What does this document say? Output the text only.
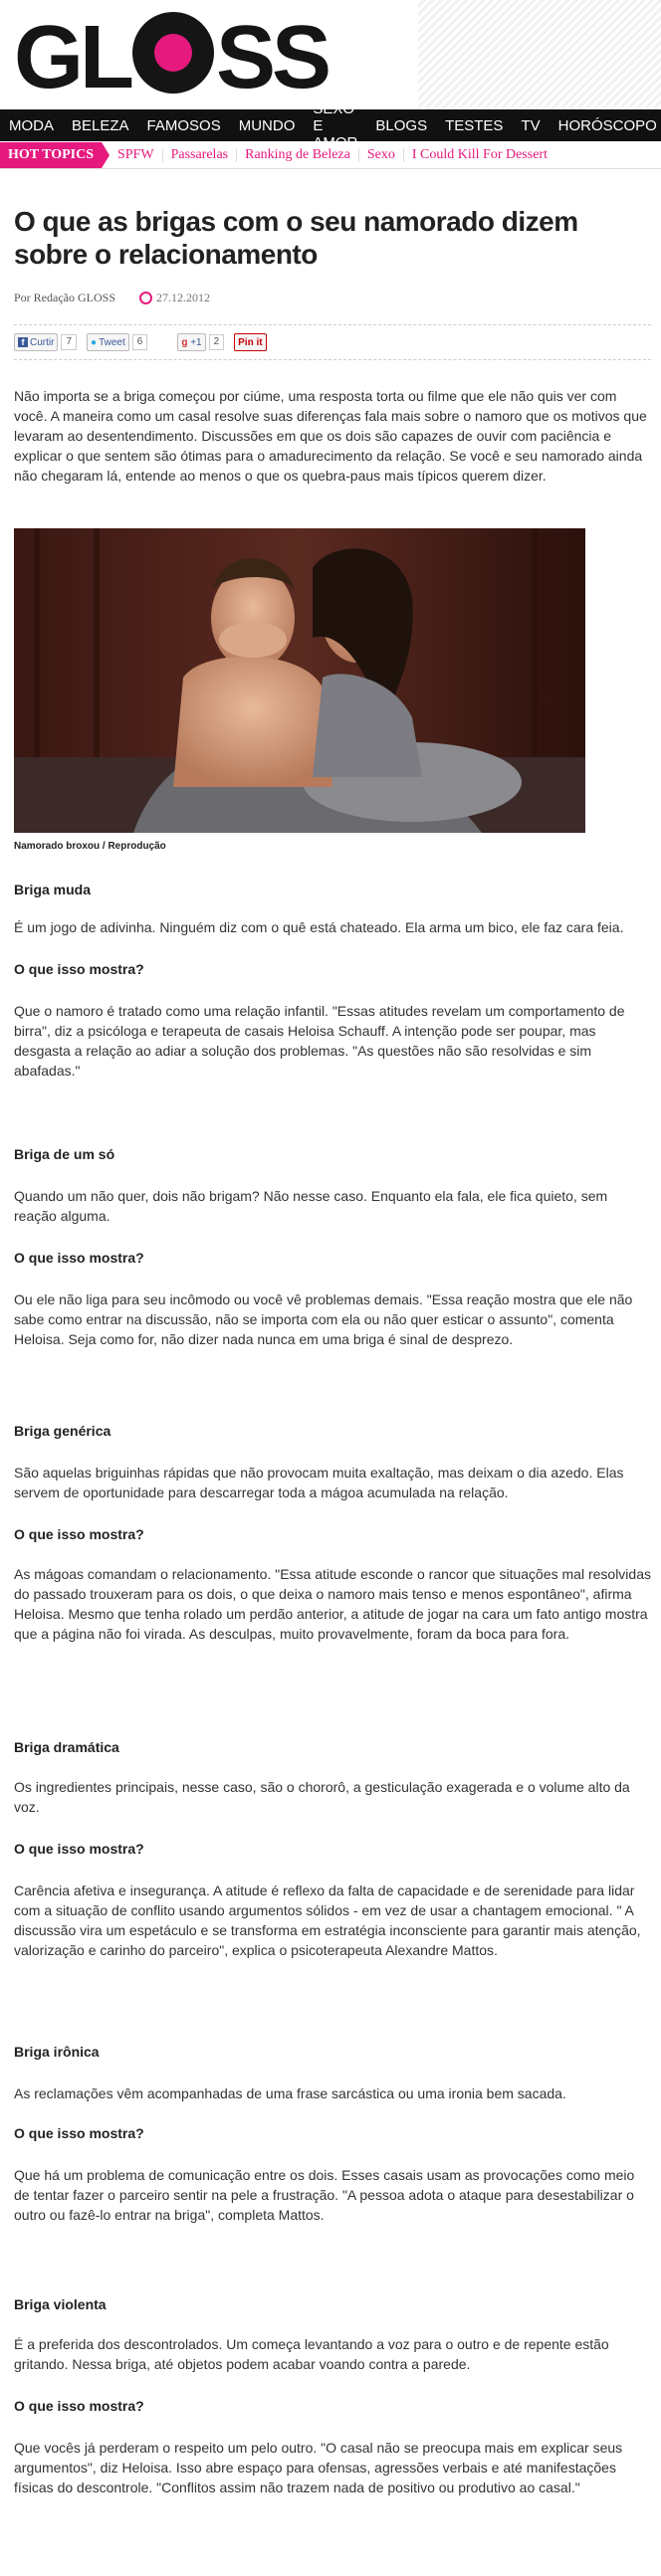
GL SS
MODA	BELEZA	FAMOSOS	MUNDO
SEXO E AMOR
BLOGS	TESTES	TV	HORÓSCOPO
HOT TOPICS	SPFW	Passarelas	Ranking de Beleza	Sexo	I Could Kill For Dessert
O que as brigas com o seu namorado dizem sobre o relacionamento
Por Redação GLOSS	27.12.2012
f Curtir	7	● Tweet	6	g
+1	2	Pin it

Não importa se a briga começou por ciúme, uma resposta torta ou filme que ele não quis ver com você. A maneira como um casal resolve suas diferenças fala mais sobre o namoro que os motivos que levaram ao desentendimento. Discussões em que os dois são capazes de ouvir com paciência e explicar o que sentem são ótimas para o amadurecimento da relação. Se você e seu namorado ainda não chegaram lá, entende ao menos o que os quebra-paus mais típicos querem dizer.

Namorado broxou / Reprodução
Briga muda

É um jogo de adivinha. Ninguém diz com o quê está chateado. Ela arma um bico, ele faz cara feia.

O que isso mostra?

Que o namoro é tratado como uma relação infantil. "Essas atitudes revelam um comportamento de birra", diz a psicóloga e terapeuta de casais Heloisa Schauff. A intenção pode ser poupar, mas desgasta a relação ao adiar a solução dos problemas. "As questões não são resolvidas e sim abafadas."

Briga de um só

Quando um não quer, dois não brigam? Não nesse caso. Enquanto ela fala, ele fica quieto, sem reação alguma.

O que isso mostra?

Ou ele não liga para seu incômodo ou você vê problemas demais. "Essa reação mostra que ele não sabe como entrar na discussão, não se importa com ela ou não quer esticar o assunto", comenta Heloisa. Seja como for, não dizer nada nunca em uma briga é sinal de desprezo.

Briga genérica

São aquelas briguinhas rápidas que não provocam muita exaltação, mas deixam o dia azedo. Elas servem de oportunidade para descarregar toda a mágoa acumulada na relação.

O que isso mostra?

As mágoas comandam o relacionamento. "Essa atitude esconde o rancor que situações mal resolvidas do passado trouxeram para os dois, o que deixa o namoro mais tenso e menos espontâneo", afirma Heloisa. Mesmo que tenha rolado um perdão anterior, a atitude de jogar na cara um fato antigo mostra que a página não foi virada. As desculpas, muito provavelmente, foram da boca para fora.

Briga dramática

Os ingredientes principais, nesse caso, são o chororô, a gesticulação exagerada e o volume alto da voz.

O que isso mostra?

Carência afetiva e insegurança. A atitude é reflexo da falta de capacidade e de serenidade para lidar com a situação de conflito usando argumentos sólidos - em vez de usar a chantagem emocional. " A discussão vira um espetáculo e se transforma em estratégia inconsciente para garantir mais atenção, valorização e carinho do parceiro", explica o psicoterapeuta Alexandre Mattos.

Briga irônica

As reclamações vêm acompanhadas de uma frase sarcástica ou uma ironia bem sacada.

O que isso mostra?

Que há um problema de comunicação entre os dois. Esses casais usam as provocações como meio de tentar fazer o parceiro sentir na pele a frustração. "A pessoa adota o ataque para desestabilizar o outro ou fazê-lo entrar na briga", completa Mattos.

Briga violenta

É a preferida dos descontrolados. Um começa levantando a voz para o outro e de repente estão gritando. Nessa briga, até objetos podem acabar voando contra a parede.

O que isso mostra?

Que vocês já perderam o respeito um pelo outro. "O casal não se preocupa mais em explicar seus argumentos", diz Heloisa. Isso abre espaço para ofensas, agressões verbais e até manifestações físicas do descontrole. "Conflitos assim não trazem nada de positivo ou produtivo ao casal."
